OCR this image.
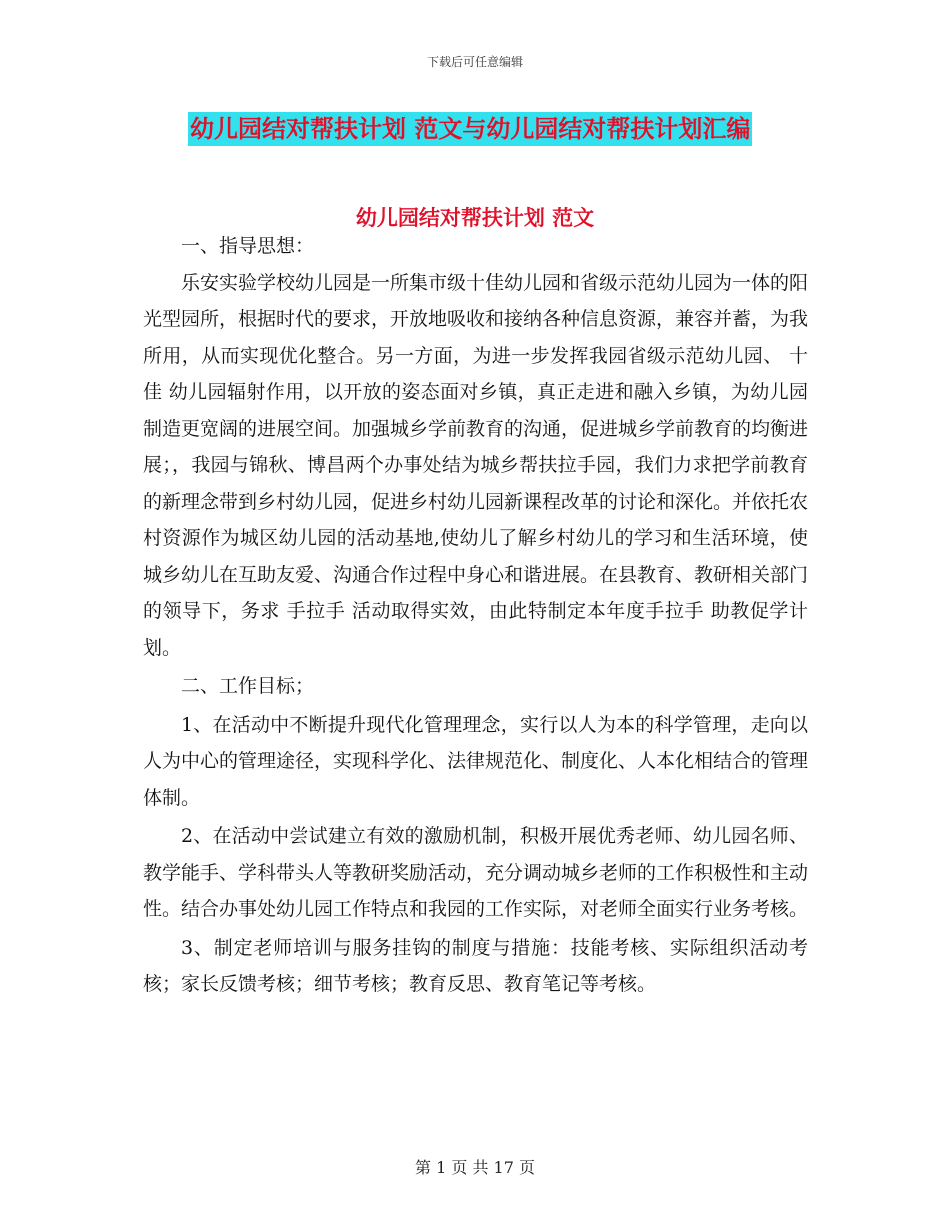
下载后可任意编辑
幼儿园结对帮扶计划 范文与幼儿园结对帮扶计划汇编
幼儿园结对帮扶计划 范文

一、指导思想：

乐安实验学校幼儿园是一所集市级十佳幼儿园和省级示范幼儿园为一体的阳光型园所，根据时代的要求，开放地吸收和接纳各种信息资源，兼容并蓄，为我所用，从而实现优化整合。另一方面，为进一步发挥我园省级示范幼儿园、 十佳 幼儿园辐射作用，以开放的姿态面对乡镇，真正走进和融入乡镇，为幼儿园制造更宽阔的进展空间。加强城乡学前教育的沟通，促进城乡学前教育的均衡进展；，我园与锦秋、博昌两个办事处结为城乡帮扶拉手园，我们力求把学前教育的新理念带到乡村幼儿园，促进乡村幼儿园新课程改革的讨论和深化。并依托农村资源作为城区幼儿园的活动基地,使幼儿了解乡村幼儿的学习和生活环境，使城乡幼儿在互助友爱、沟通合作过程中身心和谐进展。在县教育、教研相关部门的领导下，务求 手拉手 活动取得实效，由此特制定本年度手拉手 助教促学计划。

二、工作目标；

1、在活动中不断提升现代化管理理念，实行以人为本的科学管理，走向以人为中心的管理途径，实现科学化、法律规范化、制度化、人本化相结合的管理体制。

2、在活动中尝试建立有效的激励机制，积极开展优秀老师、幼儿园名师、教学能手、学科带头人等教研奖励活动，充分调动城乡老师的工作积极性和主动性。结合办事处幼儿园工作特点和我园的工作实际，对老师全面实行业务考核。

3、制定老师培训与服务挂钩的制度与措施：技能考核、实际组织活动考核；家长反馈考核；细节考核；教育反思、教育笔记等考核。

第 1 页 共 17 页
